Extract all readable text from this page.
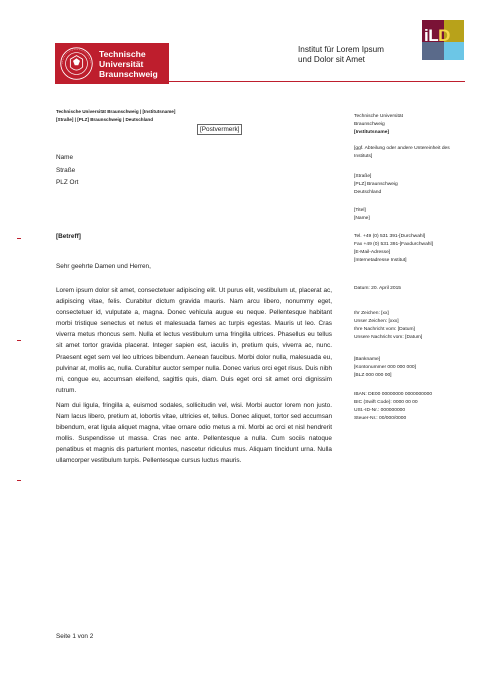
Technische
Universität
Braunschweig
Institut für Lorem Ipsum
und Dolor sit Amet
iLD
Technische Universität Braunschweig | [Institutsname]
[Straße] | [PLZ] Braunschweig | Deutschland
[Postvermerk]
Name
Straße
PLZ Ort
[Betreff]
Sehr geehrte Damen und Herren,

Lorem ipsum dolor sit amet, consectetuer adipiscing elit. Ut purus elit, vestibulum ut, placerat ac, adipiscing vitae, felis. Curabitur dictum gravida mauris. Nam arcu libero, nonummy eget, consectetuer id, vulputate a, magna. Donec vehicula augue eu neque. Pellentesque habitant morbi tristique senectus et netus et malesuada fames ac turpis egestas. Mauris ut leo. Cras viverra metus rhoncus sem. Nulla et lectus vestibulum urna fringilla ultrices. Phasellus eu tellus sit amet tortor gravida placerat. Integer sapien est, iaculis in, pretium quis, viverra ac, nunc. Praesent eget sem vel leo ultrices bibendum. Aenean faucibus. Morbi dolor nulla, malesuada eu, pulvinar at, mollis ac, nulla. Curabitur auctor semper nulla. Donec varius orci eget risus. Duis nibh mi, congue eu, accumsan eleifend, sagittis quis, diam. Duis eget orci sit amet orci dignissim rutrum.

Nam dui ligula, fringilla a, euismod sodales, sollicitudin vel, wisi. Morbi auctor lorem non justo. Nam lacus libero, pretium at, lobortis vitae, ultricies et, tellus. Donec aliquet, tortor sed accumsan bibendum, erat ligula aliquet magna, vitae ornare odio metus a mi. Morbi ac orci et nisl hendrerit mollis. Suspendisse ut massa. Cras nec ante. Pellentesque a nulla. Cum sociis natoque penatibus et magnis dis parturient montes, nascetur ridiculus mus. Aliquam tincidunt urna. Nulla ullamcorper vestibulum turpis. Pellentesque cursus luctus mauris.

Seite 1 von 2
Technische Universität
Braunschweig
[Institutsname]
[ggf. Abteilung oder andere Untereinheit des
Instituts]
[Straße]
[PLZ] Braunschweig
Deutschland
[Titel]
[Name]
Tel. +49 (0) 531 391-[Durchwahl]
Fax +49 (0) 531 391-[Faxdurchwahl]
[E-Mail-Adresse]
[Internetadresse Institut]
Datum: 20. April 2015
Ihr Zeichen: [xx]
Unser Zeichen: [xxx]
Ihre Nachricht vom: [Datum]
Unsere Nachricht vom: [Datum]
[Bankname]
[Kontonummer 000 000 000]
[BLZ 000 000 00]
IBAN: DE00 00000000 0000000000
BIC (Swift Code): 0000 00 00
USt.-ID-Nr.: 000000000
Steuer-Nr.: 00/000/0000
